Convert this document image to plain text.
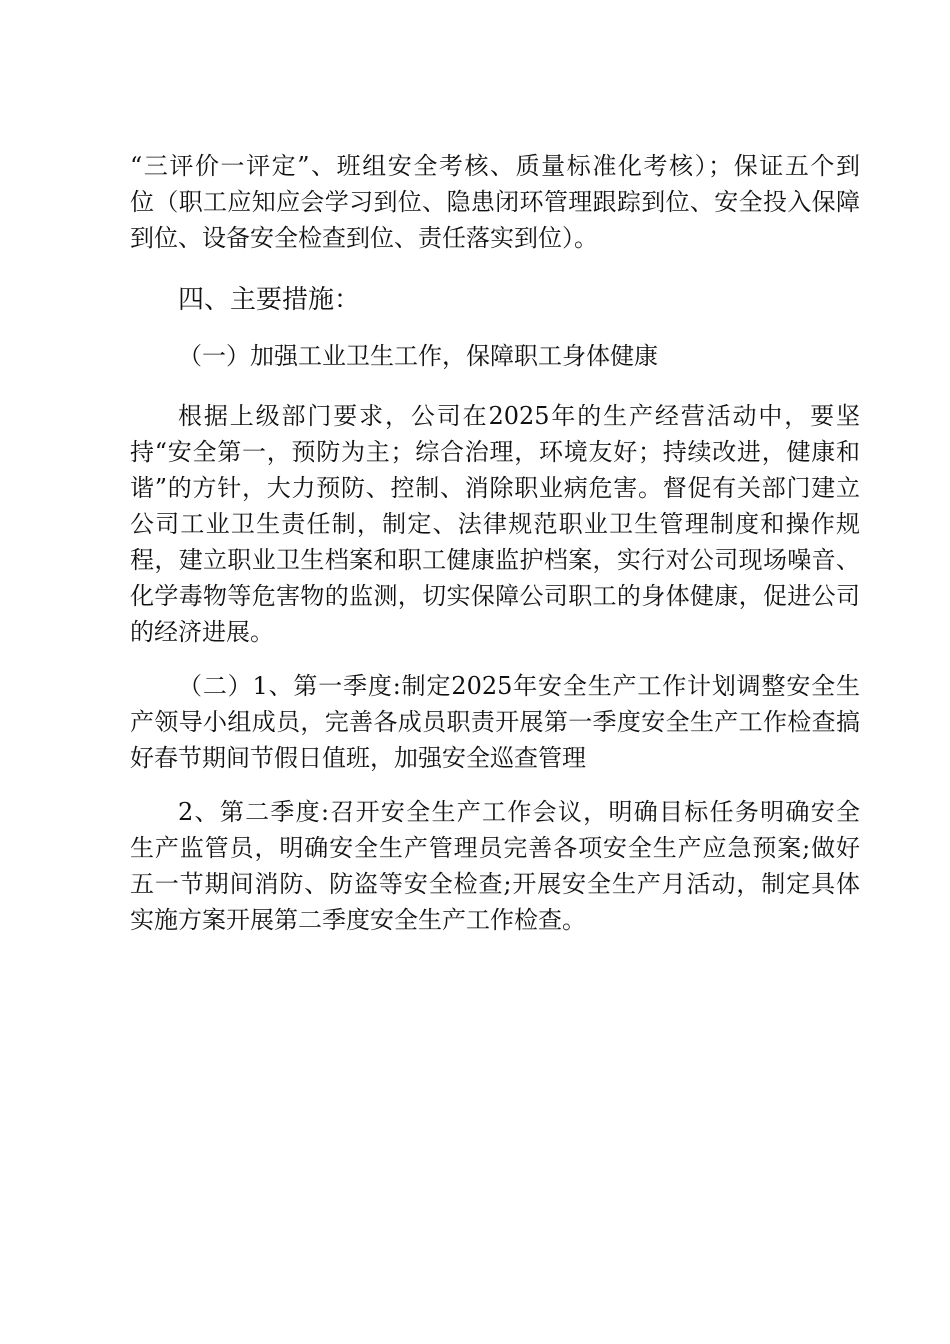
“三评价一评定”、班组安全考核、质量标准化考核）；保证五个到
位（职工应知应会学习到位、隐患闭环管理跟踪到位、安全投入保障
到位、设备安全检查到位、责任落实到位）。
四、主要措施：
（一）加强工业卫生工作，保障职工身体健康
根据上级部门要求，公司在2025年的生产经营活动中，要坚
持“安全第一，预防为主；综合治理，环境友好；持续改进，健康和
谐”的方针，大力预防、控制、消除职业病危害。督促有关部门建立
公司工业卫生责任制，制定、法律规范职业卫生管理制度和操作规
程，建立职业卫生档案和职工健康监护档案，实行对公司现场噪音、
化学毒物等危害物的监测，切实保障公司职工的身体健康，促进公司
的经济进展。
（二）1、第一季度:制定2025年安全生产工作计划调整安全生
产领导小组成员，完善各成员职责开展第一季度安全生产工作检查搞
好春节期间节假日值班，加强安全巡查管理
2、第二季度:召开安全生产工作会议，明确目标任务明确安全
生产监管员，明确安全生产管理员完善各项安全生产应急预案;做好
五一节期间消防、防盗等安全检查;开展安全生产月活动，制定具体
实施方案开展第二季度安全生产工作检查。
